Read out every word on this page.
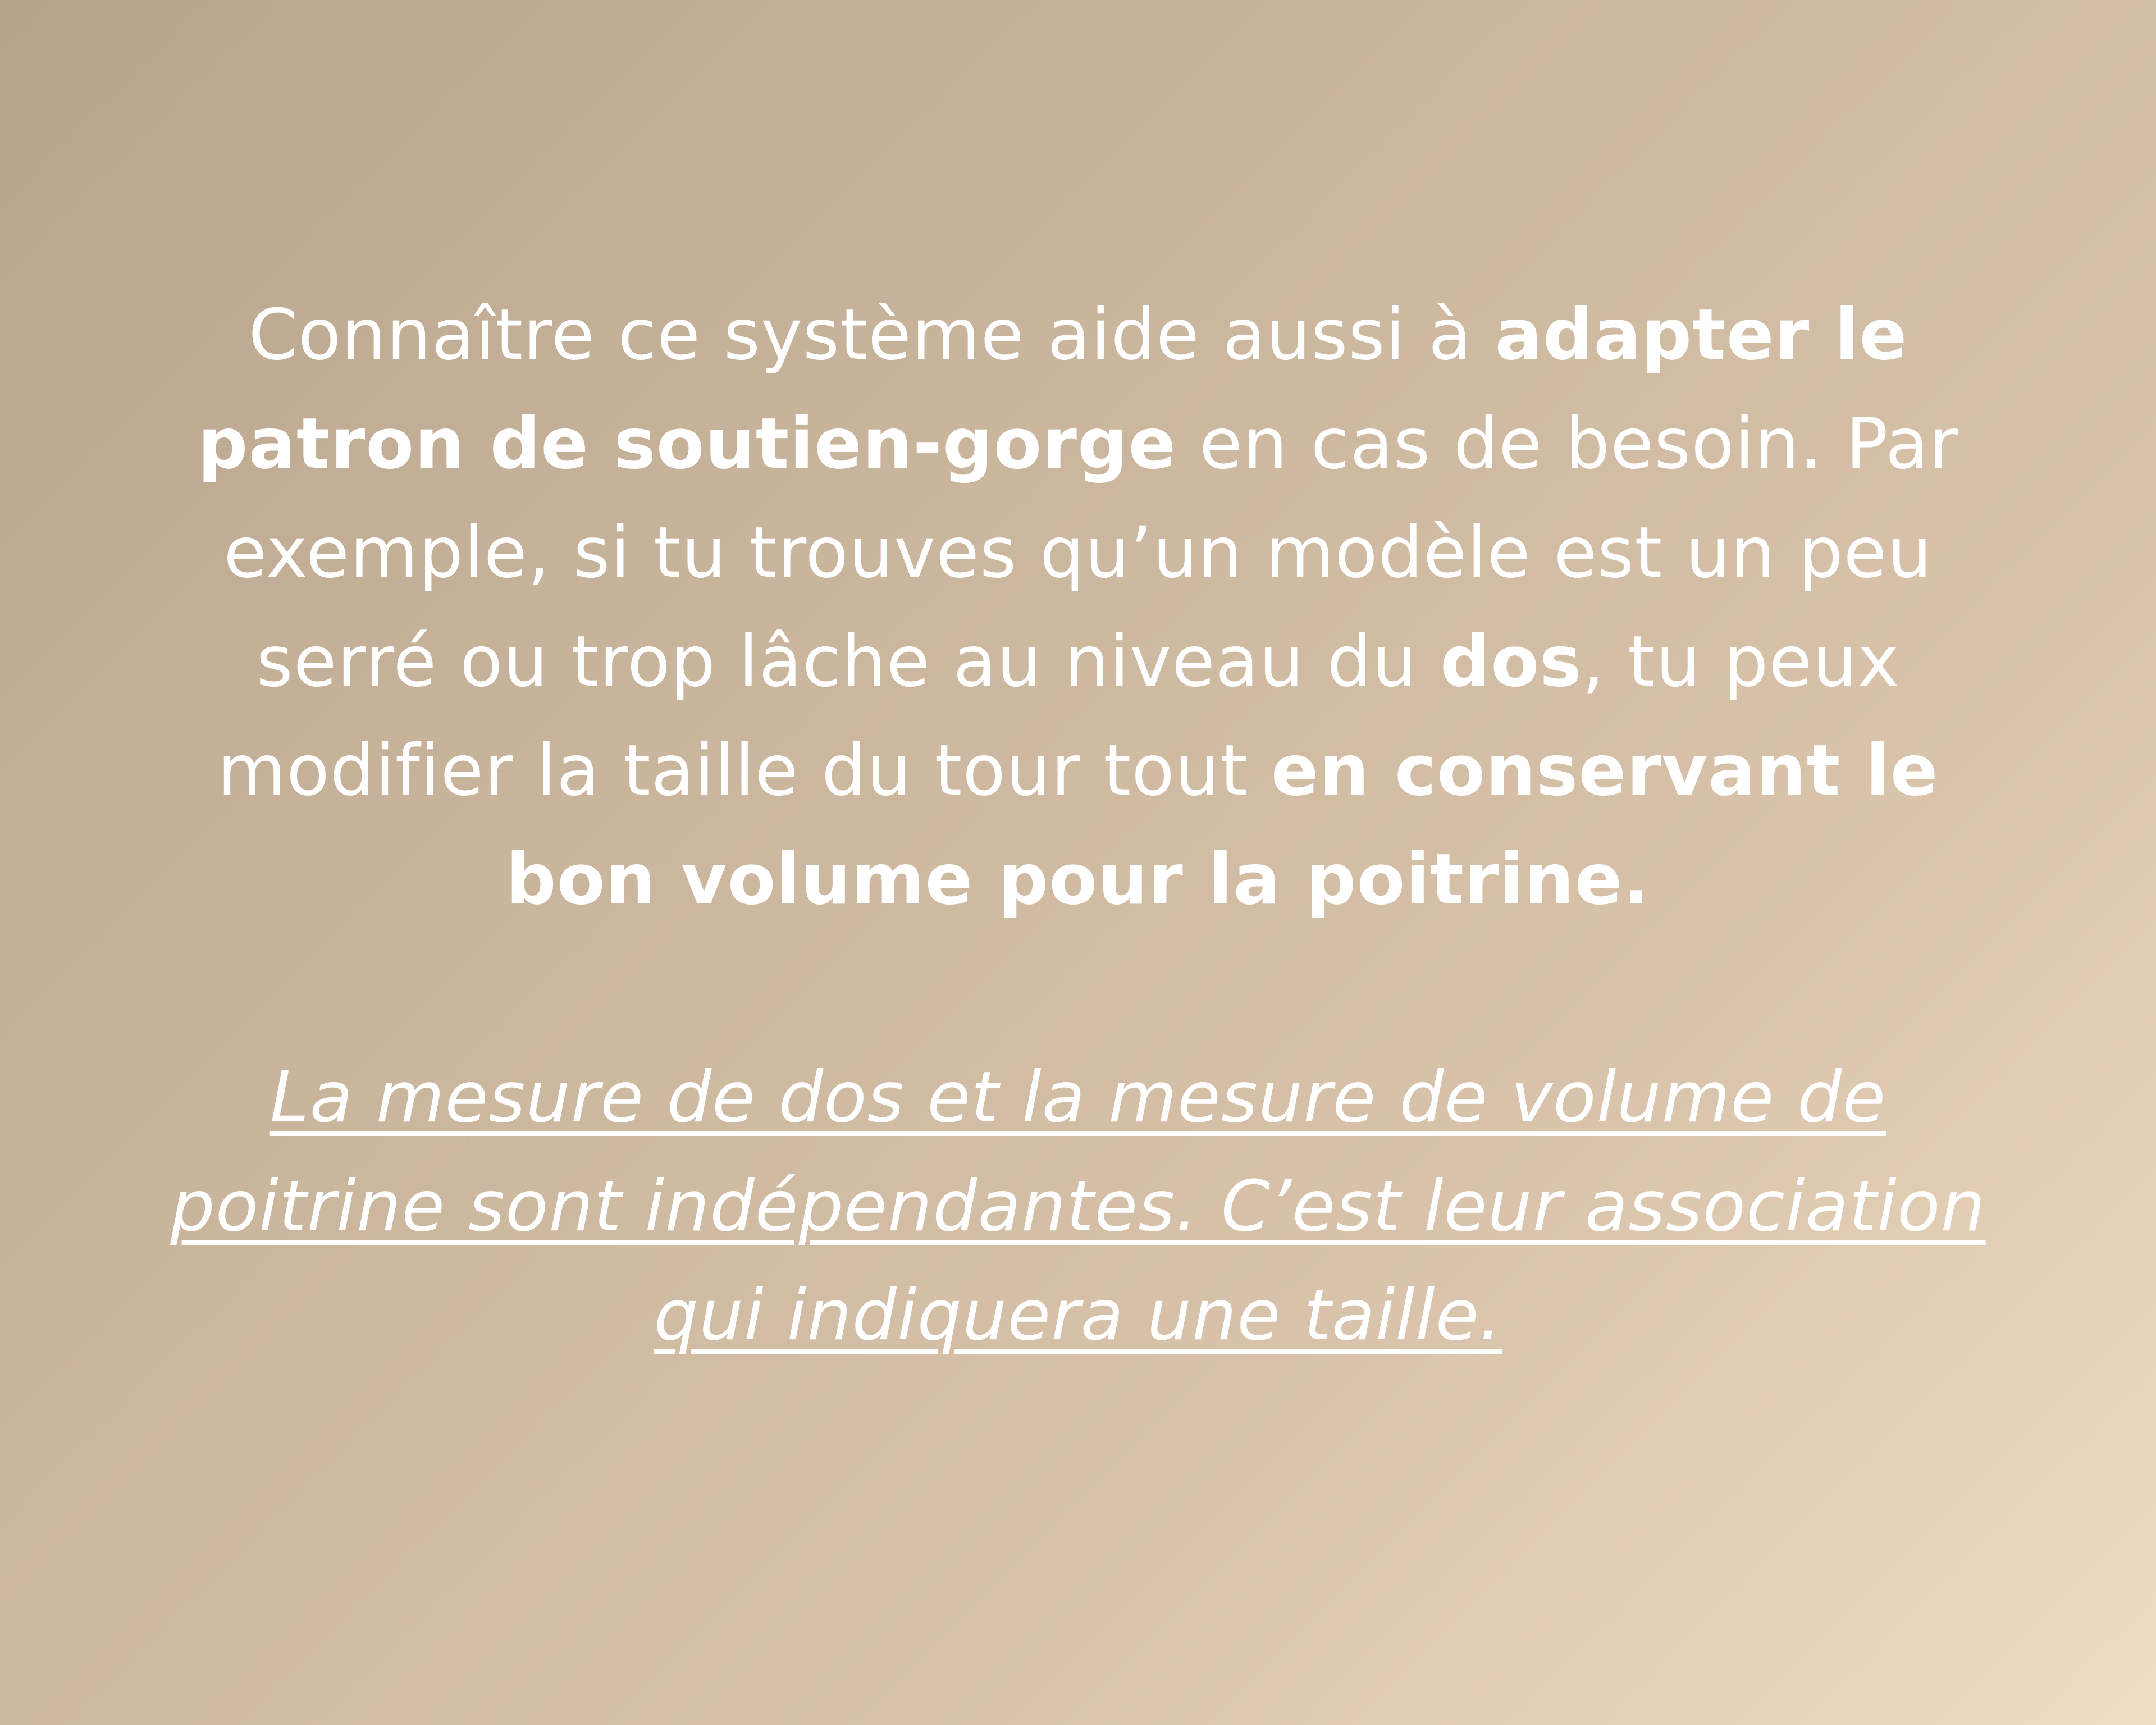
Connaître ce système aide aussi à adapter le patron de soutien-gorge en cas de besoin. Par exemple, si tu trouves qu’un modèle est un peu serré ou trop lâche au niveau du dos, tu peux modifier la taille du tour tout en conservant le bon volume pour la poitrine.

La mesure de dos et la mesure de volume de poitrine sont indépendantes. C’est leur association qui indiquera une taille.
